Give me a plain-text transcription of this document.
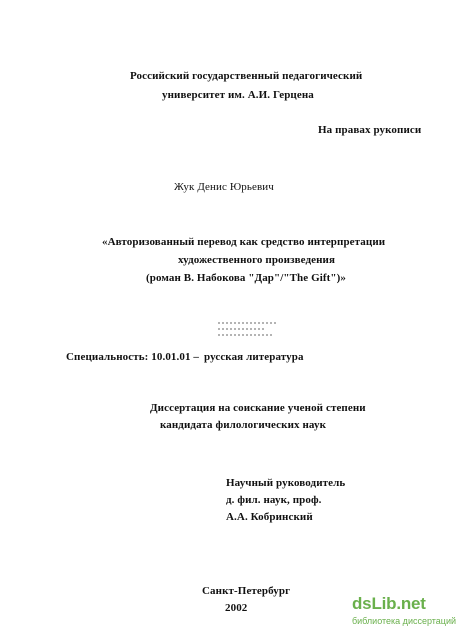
Российский государственный педагогический
университет им. А.И. Герцена
На правах рукописи
Жук Денис Юрьевич
«Авторизованный перевод как средство интерпретации
художественного произведения
(роман В. Набокова "Дар"/"The Gift")»
Специальность: 10.01.01 – русская литература
Диссертация на соискание ученой степени
кандидата филологических наук
Научный руководитель
д. фил. наук, проф.
А.А. Кобринский
Санкт-Петербург
2002	dsLib.net
библиотека диссертаций
